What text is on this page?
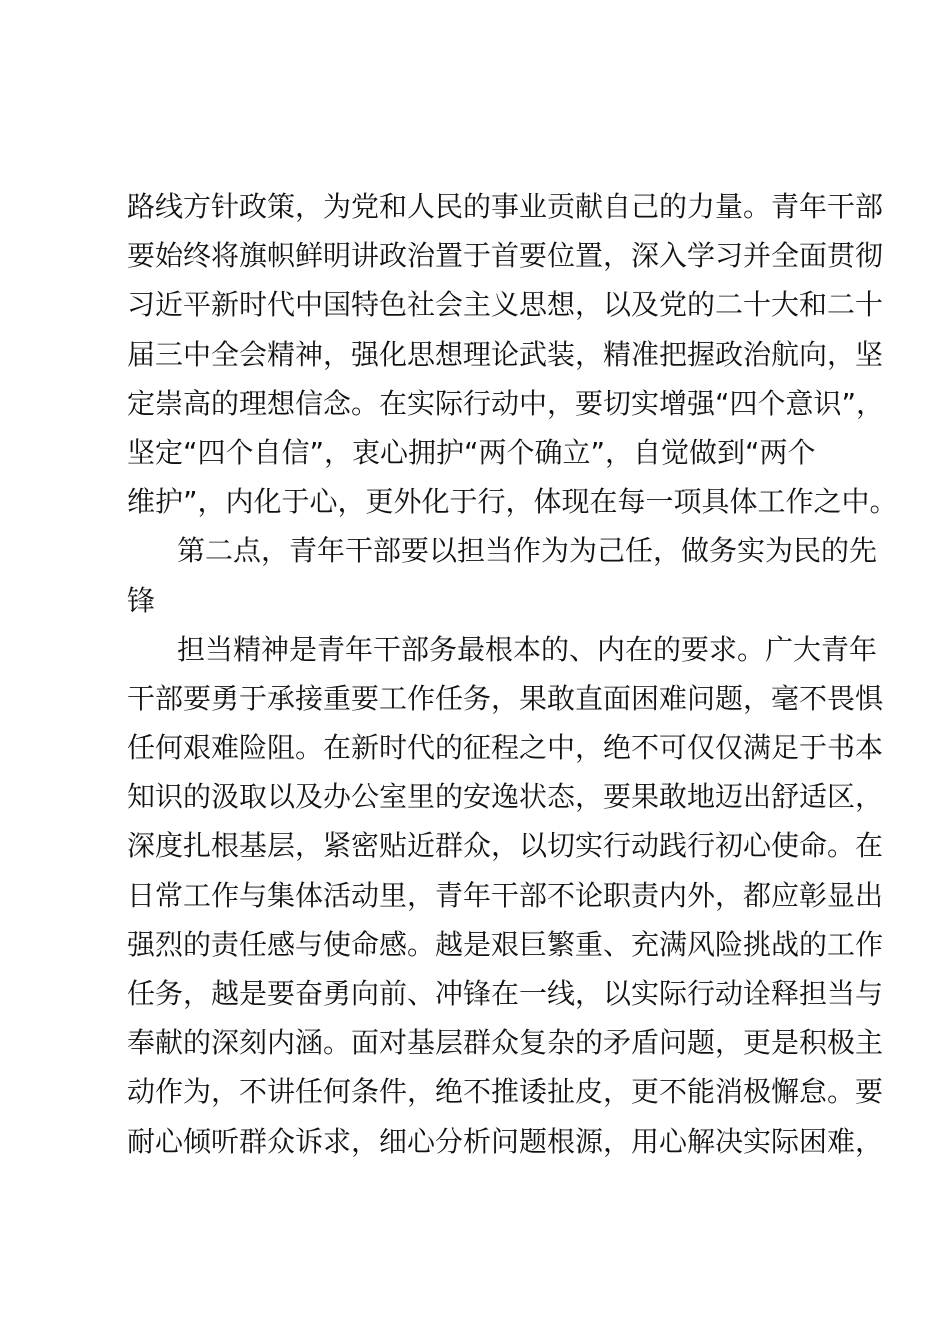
路线方针政策，为党和人民的事业贡献自己的力量。青年干部
要始终将旗帜鲜明讲政治置于首要位置，深入学习并全面贯彻
习近平新时代中国特色社会主义思想，以及党的二十大和二十
届三中全会精神，强化思想理论武装，精准把握政治航向，坚
定崇高的理想信念。在实际行动中，要切实增强“四个意识”，
坚定“四个自信”，衷心拥护“两个确立”，自觉做到“两个
维护”，内化于心，更外化于行，体现在每一项具体工作之中。
第二点，青年干部要以担当作为为己任，做务实为民的先
锋
担当精神是青年干部务最根本的、内在的要求。广大青年
干部要勇于承接重要工作任务，果敢直面困难问题，毫不畏惧
任何艰难险阻。在新时代的征程之中，绝不可仅仅满足于书本
知识的汲取以及办公室里的安逸状态，要果敢地迈出舒适区，
深度扎根基层，紧密贴近群众，以切实行动践行初心使命。在
日常工作与集体活动里，青年干部不论职责内外，都应彰显出
强烈的责任感与使命感。越是艰巨繁重、充满风险挑战的工作
任务，越是要奋勇向前、冲锋在一线，以实际行动诠释担当与
奉献的深刻内涵。面对基层群众复杂的矛盾问题，更是积极主
动作为，不讲任何条件，绝不推诿扯皮，更不能消极懈怠。要
耐心倾听群众诉求，细心分析问题根源，用心解决实际困难，
